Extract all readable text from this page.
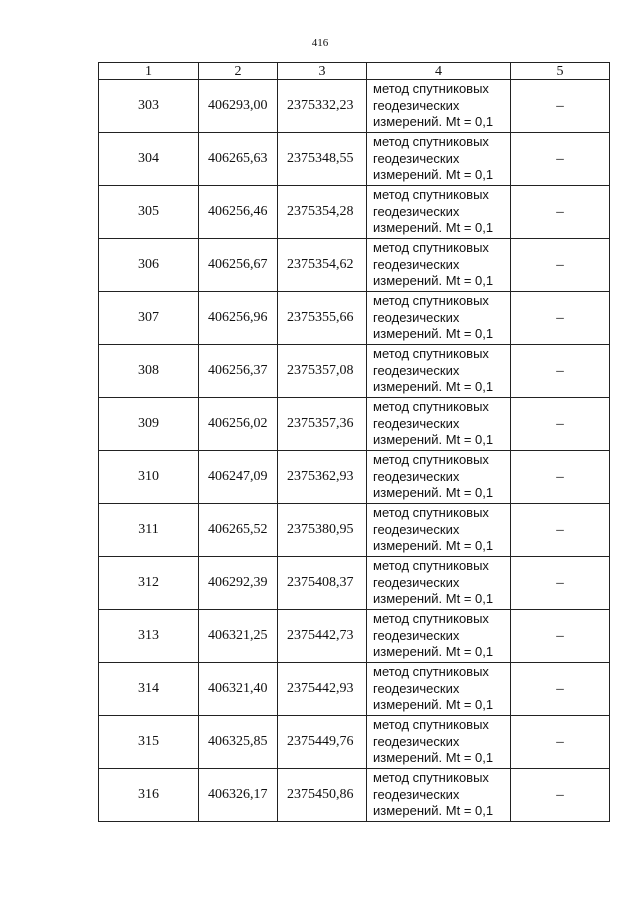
416
1	2	3	4	5
303	406293,00	2375332,23	метод спутниковых
геодезических
измерений. Mt = 0,1	–
304	406265,63	2375348,55	метод спутниковых
геодезических
измерений. Mt = 0,1	–
305	406256,46	2375354,28	метод спутниковых
геодезических
измерений. Mt = 0,1	–
306	406256,67	2375354,62	метод спутниковых
геодезических
измерений. Mt = 0,1	–
307	406256,96	2375355,66	метод спутниковых
геодезических
измерений. Mt = 0,1	–
308	406256,37	2375357,08	метод спутниковых
геодезических
измерений. Mt = 0,1	–
309	406256,02	2375357,36	метод спутниковых
геодезических
измерений. Mt = 0,1	–
310	406247,09	2375362,93	метод спутниковых
геодезических
измерений. Mt = 0,1	–
311	406265,52	2375380,95	метод спутниковых
геодезических
измерений. Mt = 0,1	–
312	406292,39	2375408,37	метод спутниковых
геодезических
измерений. Mt = 0,1	–
313	406321,25	2375442,73	метод спутниковых
геодезических
измерений. Mt = 0,1	–
314	406321,40	2375442,93	метод спутниковых
геодезических
измерений. Mt = 0,1	–
315	406325,85	2375449,76	метод спутниковых
геодезических
измерений. Mt = 0,1	–
316	406326,17	2375450,86	метод спутниковых
геодезических
измерений. Mt = 0,1	–
